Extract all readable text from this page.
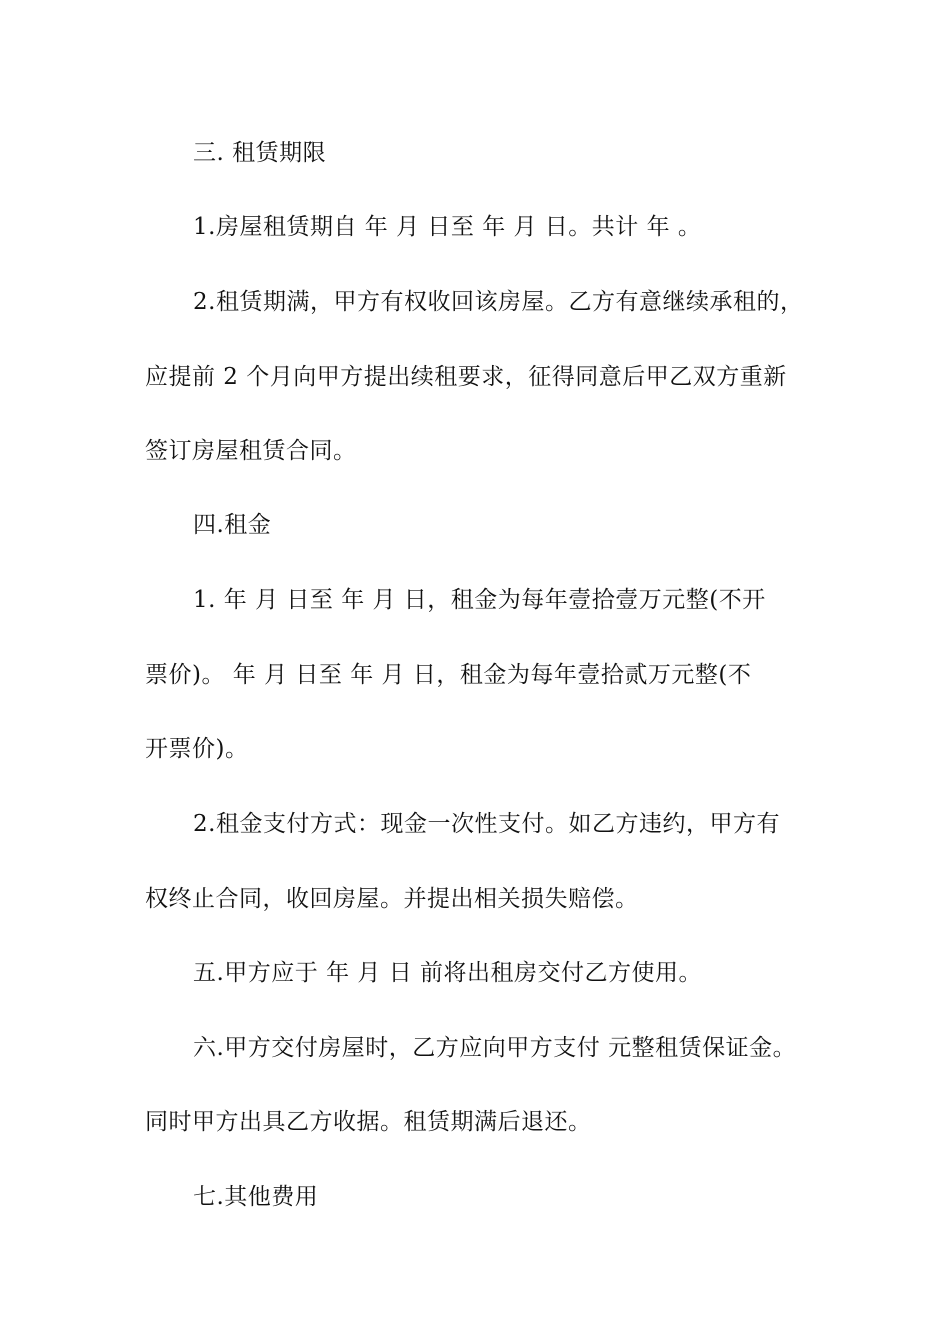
三. 租赁期限
1.房屋租赁期自 年 月 日至 年 月 日。共计 年 。
2.租赁期满，甲方有权收回该房屋。乙方有意继续承租的，
应提前 2 个月向甲方提出续租要求，征得同意后甲乙双方重新
签订房屋租赁合同。
四.租金
1. 年 月 日至 年 月 日，租金为每年壹拾壹万元整(不开
票价)。 年 月 日至 年 月 日，租金为每年壹拾贰万元整(不
开票价)。
2.租金支付方式：现金一次性支付。如乙方违约，甲方有
权终止合同，收回房屋。并提出相关损失赔偿。
五.甲方应于 年 月 日 前将出租房交付乙方使用。
六.甲方交付房屋时，乙方应向甲方支付 元整租赁保证金。
同时甲方出具乙方收据。租赁期满后退还。
七.其他费用
